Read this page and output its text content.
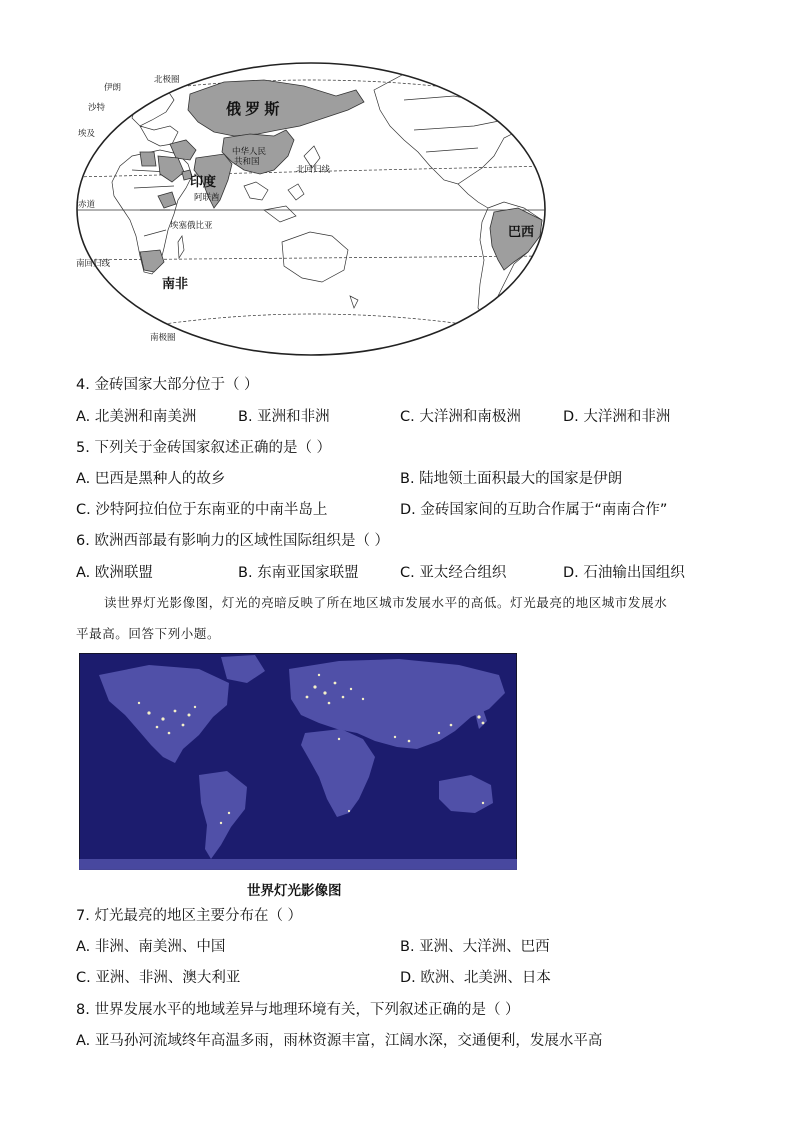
北极圈
伊朗
沙特
埃及
俄 罗 斯
中华人民 共和国
北回归线
印度
阿联酋
赤道
埃塞俄比亚
南回归线
巴西
南非
南极圈
4. 金砖国家大部分位于（ ）
A. 北美洲和南美洲	B. 亚洲和非洲	C. 大洋洲和南极洲	D. 大洋洲和非洲
5. 下列关于金砖国家叙述正确的是（ ）
A. 巴西是黑种人的故乡	B. 陆地领土面积最大的国家是伊朗
C. 沙特阿拉伯位于东南亚的中南半岛上	D. 金砖国家间的互助合作属于“南南合作”
6. 欧洲西部最有影响力的区域性国际组织是（ ）
A. 欧洲联盟	B. 东南亚国家联盟	C. 亚太经合组织	D. 石油输出国组织
读世界灯光影像图，灯光的亮暗反映了所在地区城市发展水平的高低。灯光最亮的地区城市发展水
平最高。回答下列小题。
世界灯光影像图
7. 灯光最亮的地区主要分布在（ ）
A. 非洲、南美洲、中国	B. 亚洲、大洋洲、巴西
C. 亚洲、非洲、澳大利亚	D. 欧洲、北美洲、日本
8. 世界发展水平的地域差异与地理环境有关，下列叙述正确的是（ ）
A. 亚马孙河流域终年高温多雨，雨林资源丰富，江阔水深，交通便利，发展水平高
